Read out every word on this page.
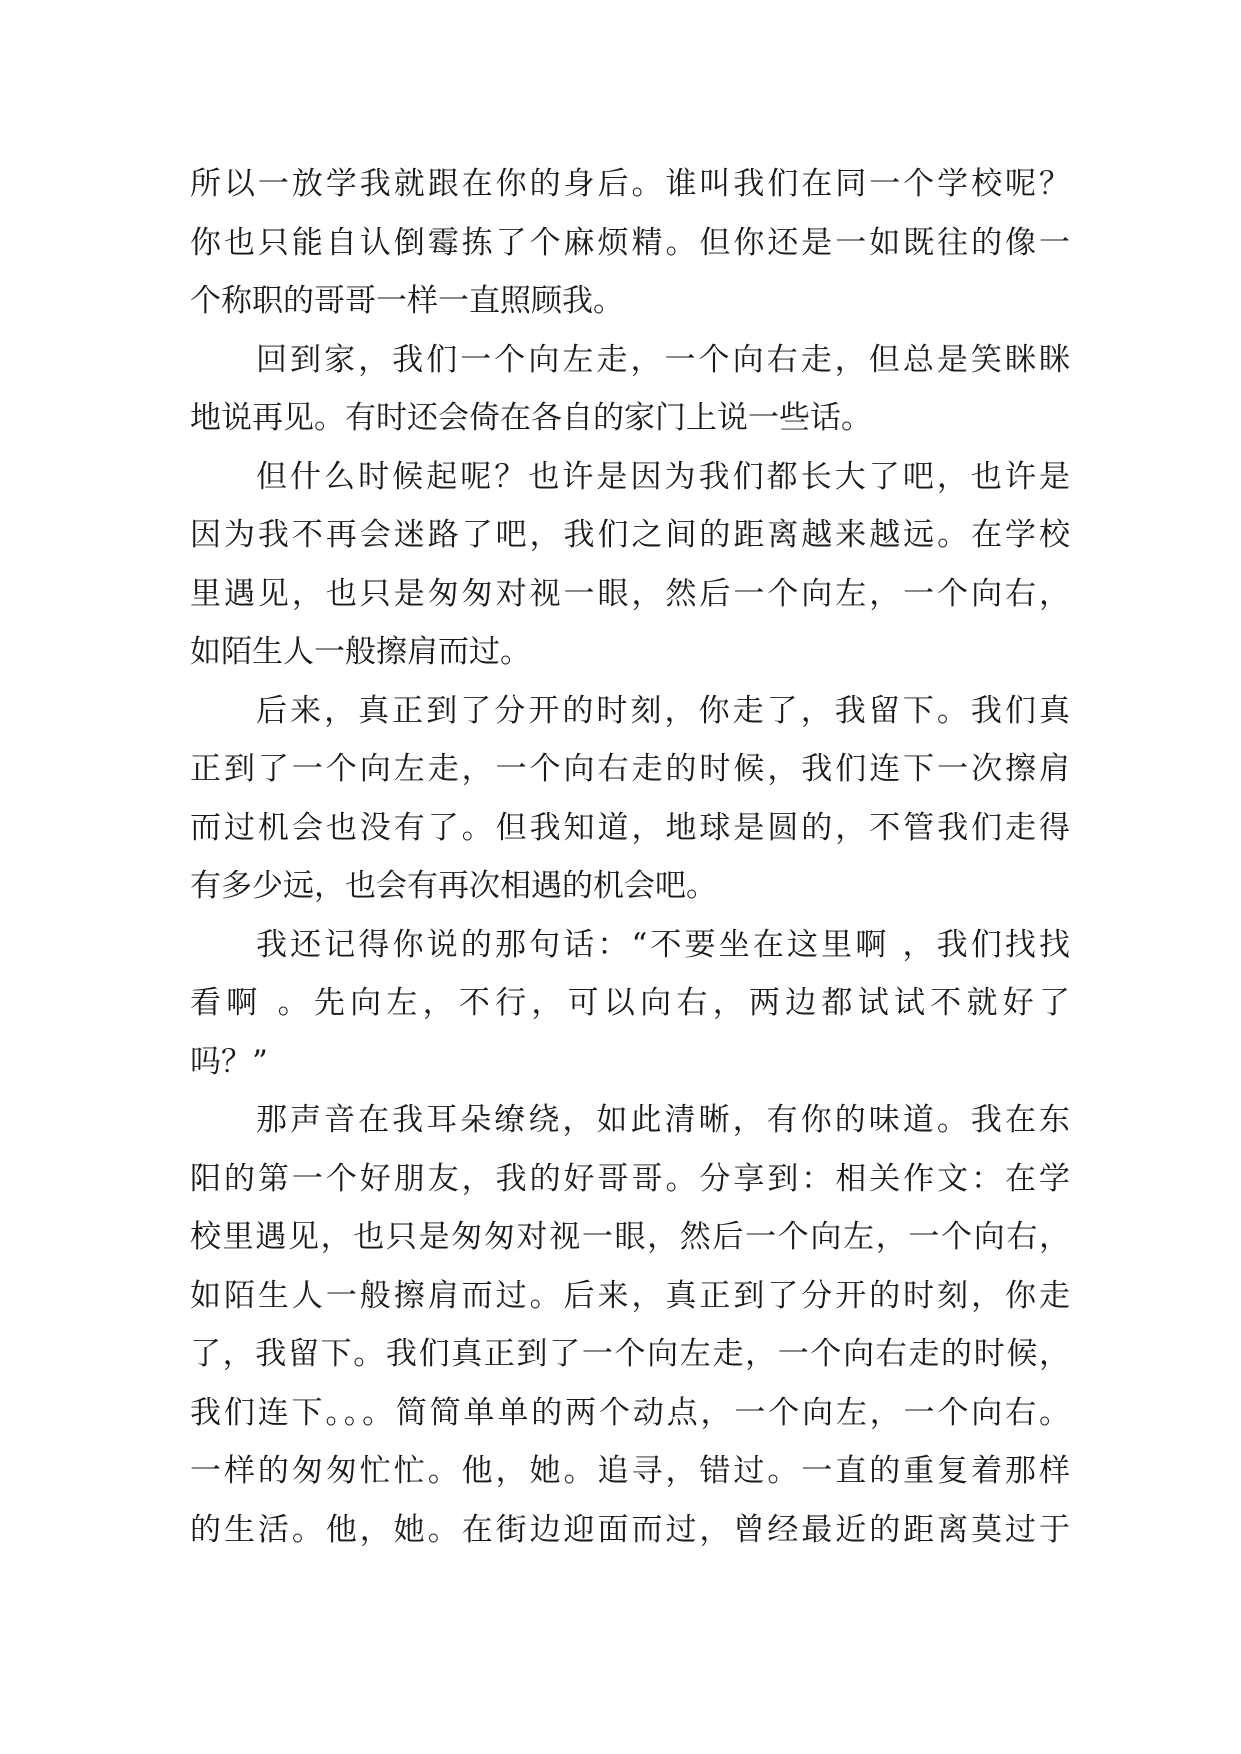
所以一放学我就跟在你的身后。谁叫我们在同一个学校呢？
你也只能自认倒霉拣了个麻烦精。但你还是一如既往的像一
个称职的哥哥一样一直照顾我。
回到家，我们一个向左走，一个向右走，但总是笑眯眯
地说再见。有时还会倚在各自的家门上说一些话。
但什么时候起呢？也许是因为我们都长大了吧，也许是
因为我不再会迷路了吧，我们之间的距离越来越远。在学校
里遇见，也只是匆匆对视一眼，然后一个向左，一个向右，
如陌生人一般擦肩而过。
后来，真正到了分开的时刻，你走了，我留下。我们真
正到了一个向左走，一个向右走的时候，我们连下一次擦肩
而过机会也没有了。但我知道，地球是圆的，不管我们走得
有多少远，也会有再次相遇的机会吧。
我还记得你说的那句话：“不要坐在这里啊 ，我们找找
看啊 。先向左，不行，可以向右，两边都试试不就好了
吗？”
那声音在我耳朵缭绕，如此清晰，有你的味道。我在东
阳的第一个好朋友，我的好哥哥。分享到：相关作文：在学
校里遇见，也只是匆匆对视一眼，然后一个向左，一个向右，
如陌生人一般擦肩而过。后来，真正到了分开的时刻，你走
了，我留下。我们真正到了一个向左走，一个向右走的时候，
我们连下。。。简简单单的两个动点，一个向左，一个向右。
一样的匆匆忙忙。他，她。追寻，错过。一直的重复着那样
的生活。他，她。在街边迎面而过，曾经最近的距离莫过于
